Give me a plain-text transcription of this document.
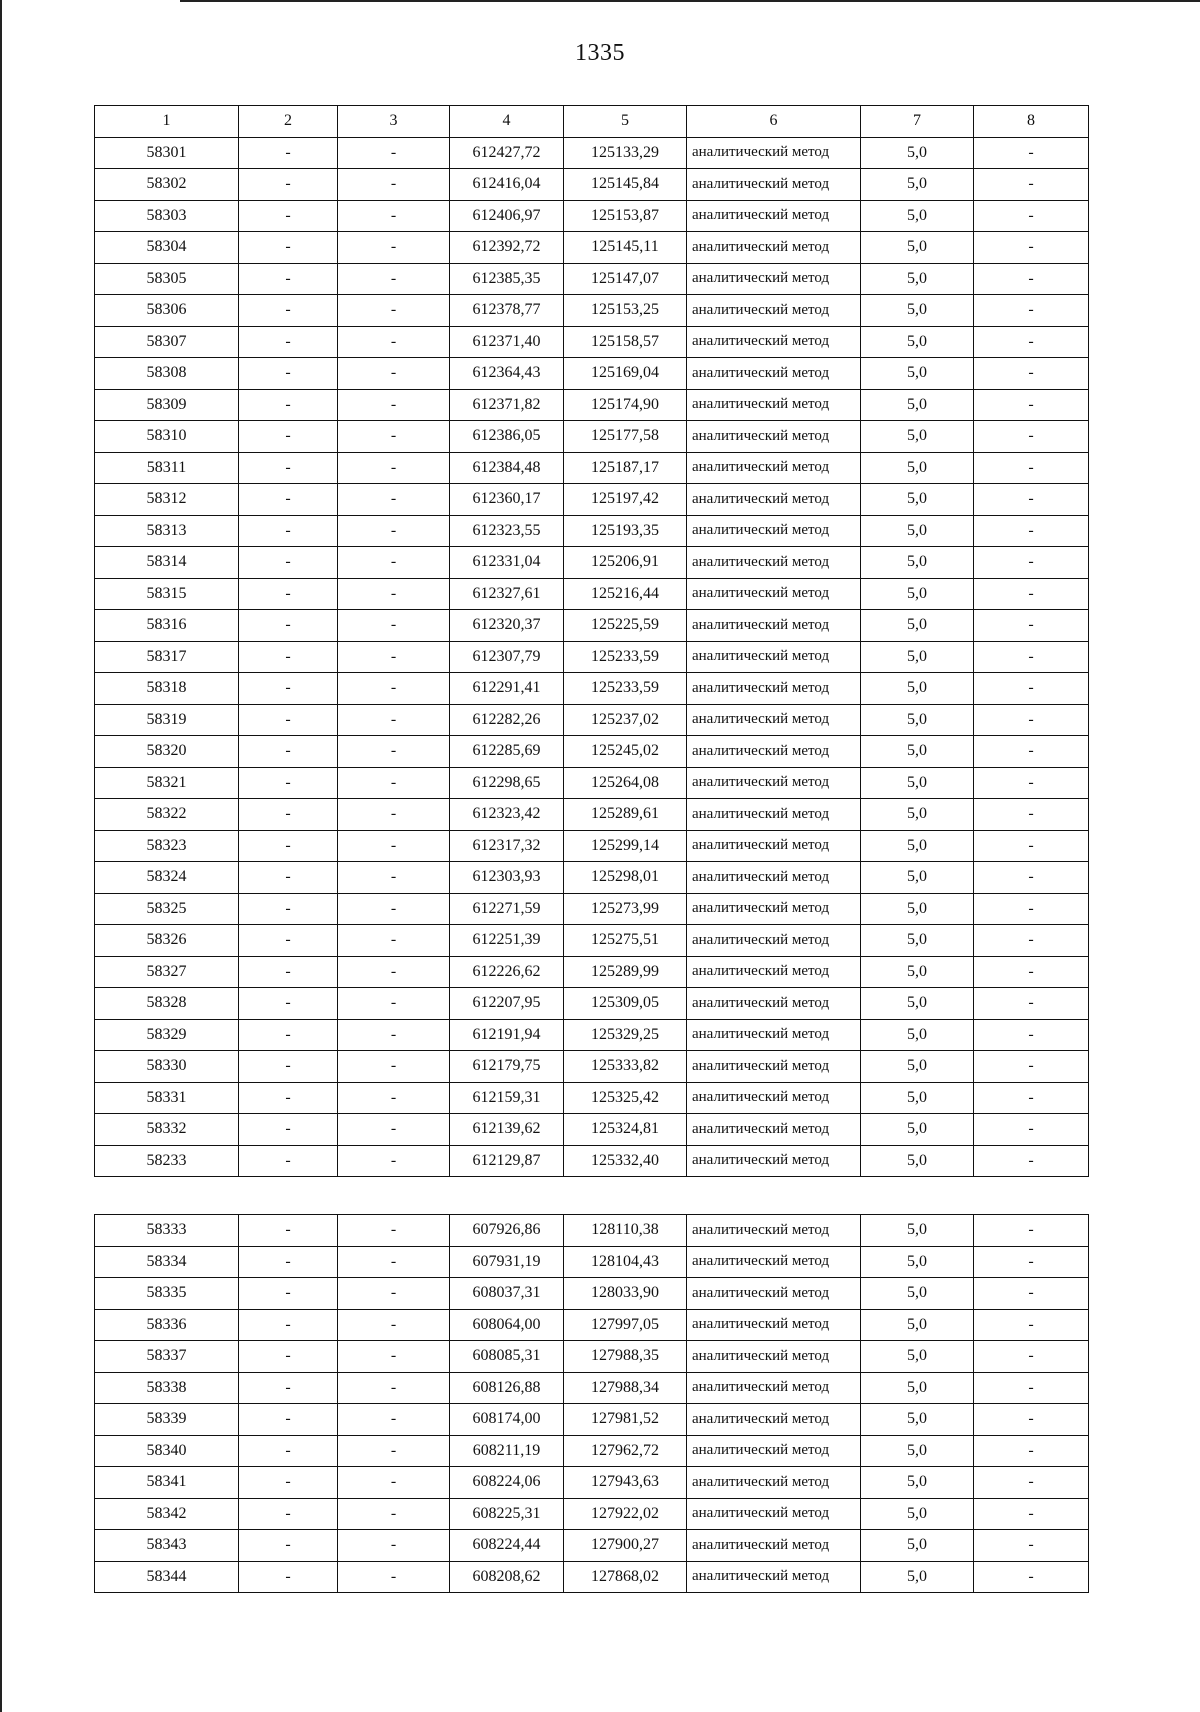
1335
1	2	3	4	5	6	7	8
58301	-	-	612427,72	125133,29	аналитический метод	5,0	-
58302	-	-	612416,04	125145,84	аналитический метод	5,0	-
58303	-	-	612406,97	125153,87	аналитический метод	5,0	-
58304	-	-	612392,72	125145,11	аналитический метод	5,0	-
58305	-	-	612385,35	125147,07	аналитический метод	5,0	-
58306	-	-	612378,77	125153,25	аналитический метод	5,0	-
58307	-	-	612371,40	125158,57	аналитический метод	5,0	-
58308	-	-	612364,43	125169,04	аналитический метод	5,0	-
58309	-	-	612371,82	125174,90	аналитический метод	5,0	-
58310	-	-	612386,05	125177,58	аналитический метод	5,0	-
58311	-	-	612384,48	125187,17	аналитический метод	5,0	-
58312	-	-	612360,17	125197,42	аналитический метод	5,0	-
58313	-	-	612323,55	125193,35	аналитический метод	5,0	-
58314	-	-	612331,04	125206,91	аналитический метод	5,0	-
58315	-	-	612327,61	125216,44	аналитический метод	5,0	-
58316	-	-	612320,37	125225,59	аналитический метод	5,0	-
58317	-	-	612307,79	125233,59	аналитический метод	5,0	-
58318	-	-	612291,41	125233,59	аналитический метод	5,0	-
58319	-	-	612282,26	125237,02	аналитический метод	5,0	-
58320	-	-	612285,69	125245,02	аналитический метод	5,0	-
58321	-	-	612298,65	125264,08	аналитический метод	5,0	-
58322	-	-	612323,42	125289,61	аналитический метод	5,0	-
58323	-	-	612317,32	125299,14	аналитический метод	5,0	-
58324	-	-	612303,93	125298,01	аналитический метод	5,0	-
58325	-	-	612271,59	125273,99	аналитический метод	5,0	-
58326	-	-	612251,39	125275,51	аналитический метод	5,0	-
58327	-	-	612226,62	125289,99	аналитический метод	5,0	-
58328	-	-	612207,95	125309,05	аналитический метод	5,0	-
58329	-	-	612191,94	125329,25	аналитический метод	5,0	-
58330	-	-	612179,75	125333,82	аналитический метод	5,0	-
58331	-	-	612159,31	125325,42	аналитический метод	5,0	-
58332	-	-	612139,62	125324,81	аналитический метод	5,0	-
58233	-	-	612129,87	125332,40	аналитический метод	5,0	-
58333	-	-	607926,86	128110,38	аналитический метод	5,0	-
58334	-	-	607931,19	128104,43	аналитический метод	5,0	-
58335	-	-	608037,31	128033,90	аналитический метод	5,0	-
58336	-	-	608064,00	127997,05	аналитический метод	5,0	-
58337	-	-	608085,31	127988,35	аналитический метод	5,0	-
58338	-	-	608126,88	127988,34	аналитический метод	5,0	-
58339	-	-	608174,00	127981,52	аналитический метод	5,0	-
58340	-	-	608211,19	127962,72	аналитический метод	5,0	-
58341	-	-	608224,06	127943,63	аналитический метод	5,0	-
58342	-	-	608225,31	127922,02	аналитический метод	5,0	-
58343	-	-	608224,44	127900,27	аналитический метод	5,0	-
58344	-	-	608208,62	127868,02	аналитический метод	5,0	-
